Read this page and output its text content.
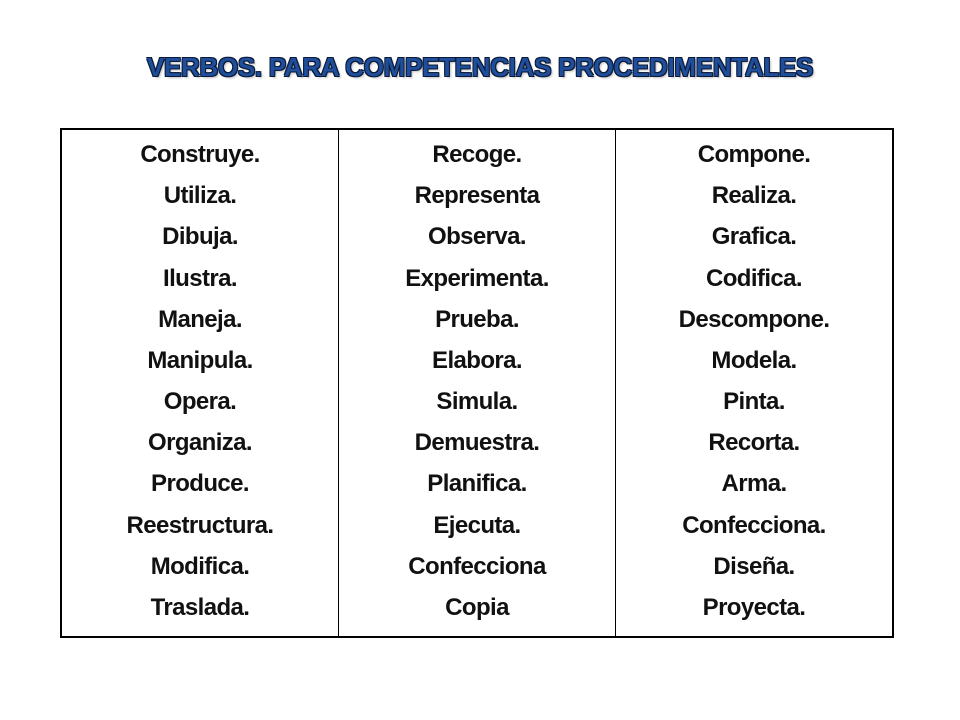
VERBOS. PARA COMPETENCIAS PROCEDIMENTALES
Construye.
Utiliza.
Dibuja.
Ilustra.
Maneja.
Manipula.
Opera.
Organiza.
Produce.
Reestructura.
Modifica.
Traslada.
Recoge.
Representa
Observa.
Experimenta.
Prueba.
Elabora.
Simula.
Demuestra.
Planifica.
Ejecuta.
Confecciona
Copia
Compone.
Realiza.
Grafica.
Codifica.
Descompone.
Modela.
Pinta.
Recorta.
Arma.
Confecciona.
Diseña.
Proyecta.
